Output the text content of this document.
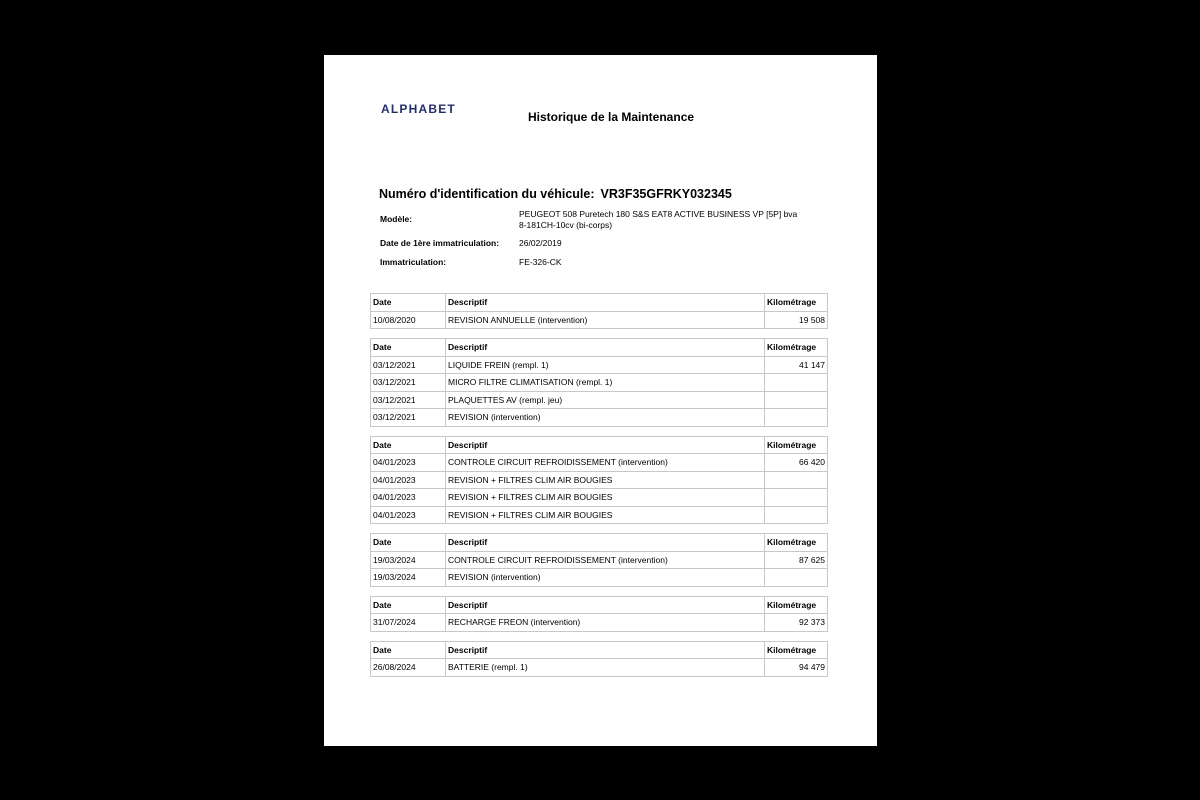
ALPHABET
Historique de la Maintenance
Numéro d'identification du véhicule: VR3F35GFRKY032345
Modèle:	PEUGEOT 508 Puretech 180 S&S EAT8 ACTIVE BUSINESS VP [5P] bva
8-181CH-10cv (bi-corps)
Date de 1ère immatriculation: 26/02/2019
Immatriculation:	FE-326-CK
Date	Descriptif	Kilométrage
10/08/2020	REVISION ANNUELLE (intervention)	19 508
Date	Descriptif	Kilométrage
03/12/2021	LIQUIDE FREIN (rempl. 1)	41 147
03/12/2021	MICRO FILTRE CLIMATISATION (rempl. 1)	
03/12/2021	PLAQUETTES AV (rempl. jeu)	
03/12/2021	REVISION (intervention)	
Date	Descriptif	Kilométrage
04/01/2023	CONTROLE CIRCUIT REFROIDISSEMENT (intervention)	66 420
04/01/2023	REVISION + FILTRES CLIM AIR BOUGIES	
04/01/2023	REVISION + FILTRES CLIM AIR BOUGIES	
04/01/2023	REVISION + FILTRES CLIM AIR BOUGIES	
Date	Descriptif	Kilométrage
19/03/2024	CONTROLE CIRCUIT REFROIDISSEMENT (intervention)	87 625
19/03/2024	REVISION (intervention)	
Date	Descriptif	Kilométrage
31/07/2024	RECHARGE FREON (intervention)	92 373
Date	Descriptif	Kilométrage
26/08/2024	BATTERIE (rempl. 1)	94 479
